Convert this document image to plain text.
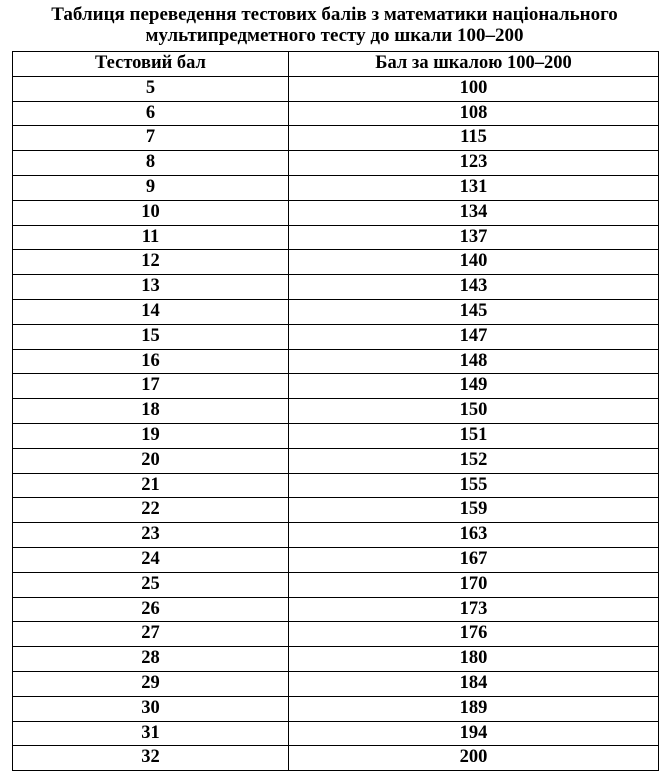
Таблиця переведення тестових балів з математики національного
мультипредметного тесту до шкали 100–200
Тестовий бал	Бал за шкалою 100–200
5	100
6	108
7	115
8	123
9	131
10	134
11	137
12	140
13	143
14	145
15	147
16	148
17	149
18	150
19	151
20	152
21	155
22	159
23	163
24	167
25	170
26	173
27	176
28	180
29	184
30	189
31	194
32	200
